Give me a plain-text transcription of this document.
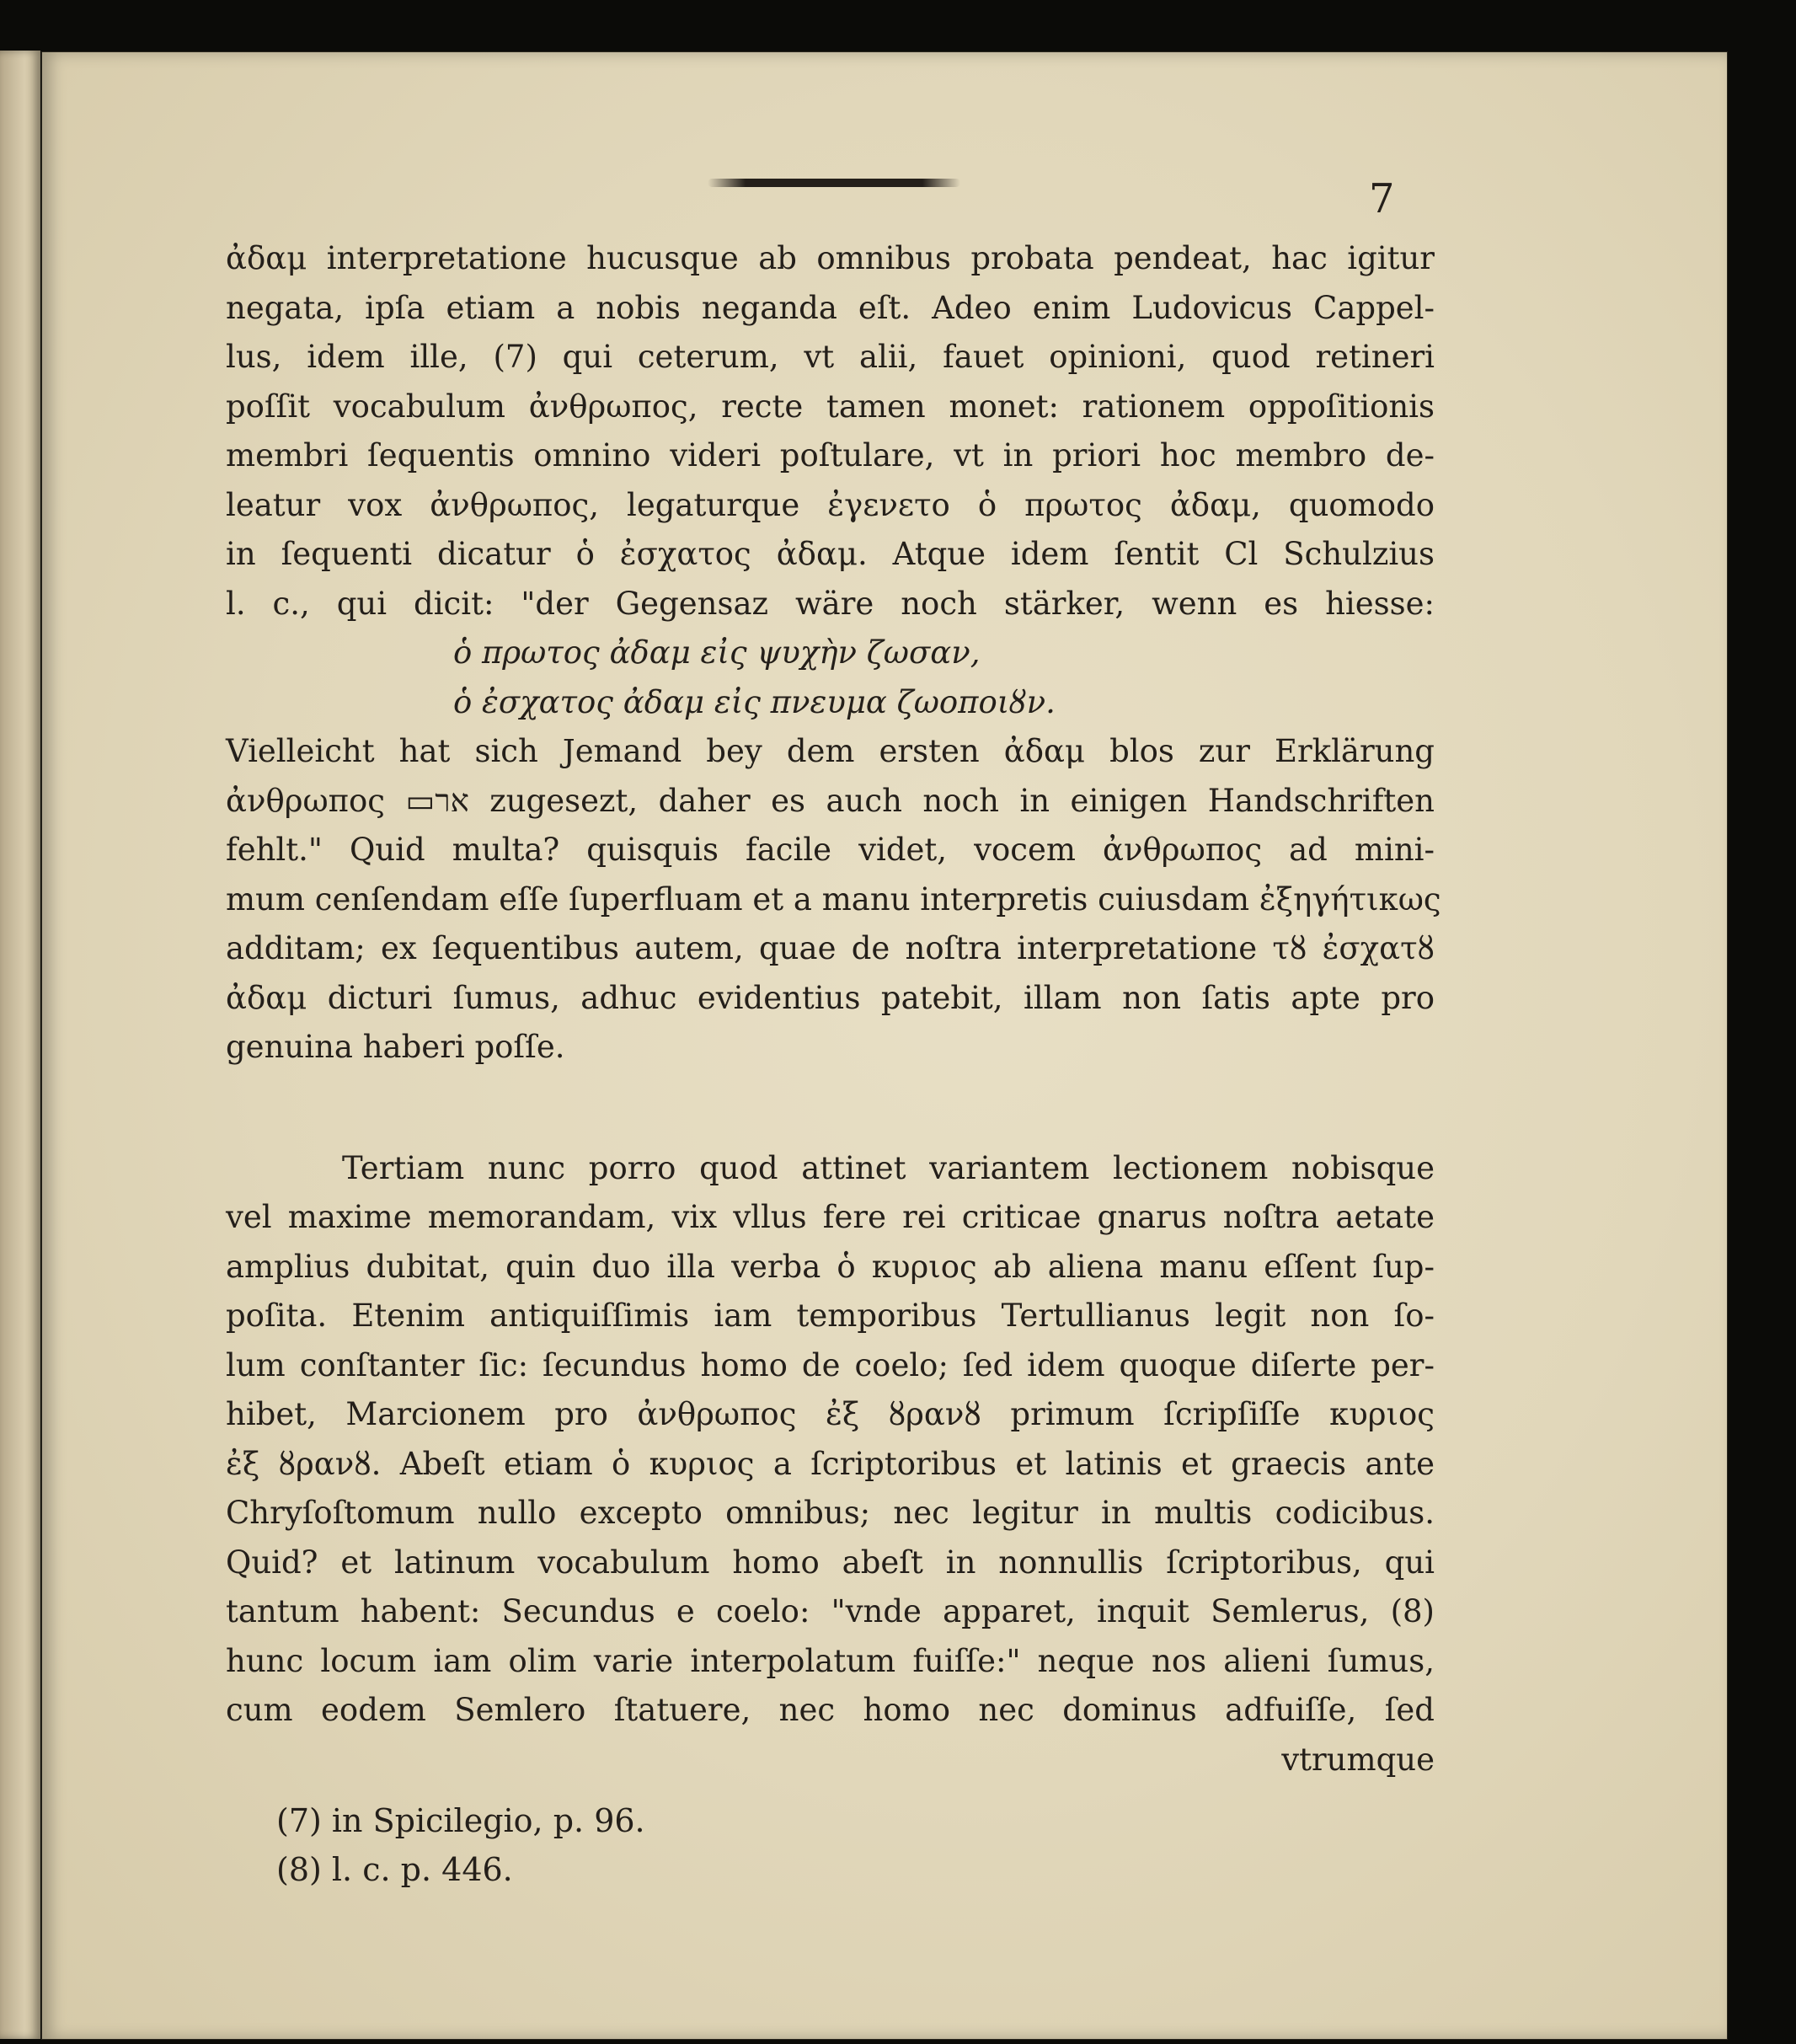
7
ἀδαμ interpretatione hucusque ab omnibus probata pendeat, hac igitur
negata, ipſa etiam a nobis neganda eſt. Adeo enim Ludovicus Cappel-
lus, idem ille, (7) qui ceterum, vt alii, fauet opinioni, quod retineri
poſſit vocabulum ἀνθρωπος, recte tamen monet: rationem oppoſitionis
membri ſequentis omnino videri poſtulare, vt in priori hoc membro de-
leatur vox ἀνθρωπος, legaturque ἐγενετο ὁ πρωτος ἀδαμ, quomodo
in ſequenti dicatur ὁ ἐσχατος ἀδαμ. Atque idem ſentit Cl Schulzius
l. c., qui dicit: "der Gegensaz wäre noch stärker, wenn es hiesse:
ὁ πρωτος ἀδαμ εἰς ψυχὴν ζωσαν,
ὁ ἐσχατος ἀδαμ εἰς πνευμα ζωοποιȣν.
Vielleicht hat sich Jemand bey dem ersten ἀδαμ blos zur Erklärung
ἀνθρωπος ▭אר zugesezt, daher es auch noch in einigen Handschriften
fehlt." Quid multa? quisquis facile videt, vocem ἀνθρωπος ad mini-
mum cenſendam eſſe ſuperfluam et a manu interpretis cuiusdam ἐξηγήτικως
additam; ex ſequentibus autem, quae de noſtra interpretatione τȣ ἐσχατȣ
ἀδαμ dicturi ſumus, adhuc evidentius patebit, illam non ſatis apte pro
genuina haberi poſſe.
Tertiam nunc porro quod attinet variantem lectionem nobisque
vel maxime memorandam, vix vllus fere rei criticae gnarus noſtra aetate
amplius dubitat, quin duo illa verba ὁ κυριος ab aliena manu eſſent ſup-
poſita. Etenim antiquiſſimis iam temporibus Tertullianus legit non ſo-
lum conſtanter ſic: ſecundus homo de coelo; ſed idem quoque diſerte per-
hibet, Marcionem pro ἀνθρωπος ἐξ ȣρανȣ primum ſcripſiſſe κυριος
ἐξ ȣρανȣ. Abeſt etiam ὁ κυριος a ſcriptoribus et latinis et graecis ante
Chryſoſtomum nullo excepto omnibus; nec legitur in multis codicibus.
Quid? et latinum vocabulum homo abeſt in nonnullis ſcriptoribus, qui
tantum habent: Secundus e coelo: "vnde apparet, inquit Semlerus, (8)
hunc locum iam olim varie interpolatum fuiſſe:" neque nos alieni ſumus,
cum eodem Semlero ſtatuere, nec homo nec dominus adfuiſſe, ſed
vtrumque
(7) in Spicilegio, p. 96.
(8) l. c. p. 446.
